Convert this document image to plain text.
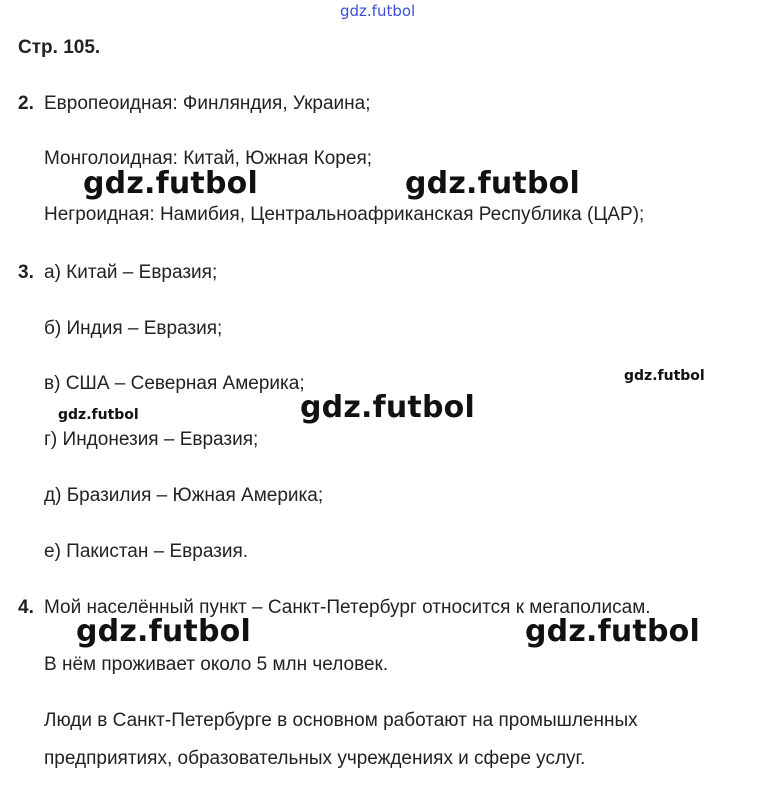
gdz.futbol
Стр. 105.
2. Европеоидная: Финляндия, Украина;
Монголоидная: Китай, Южная Корея;
Негроидная: Намибия, Центральноафриканская Республика (ЦАР);
3. а) Китай – Евразия;
б) Индия – Евразия;
в) США – Северная Америка;
г) Индонезия – Евразия;
д) Бразилия – Южная Америка;
е) Пакистан – Евразия.
4. Мой населённый пункт – Санкт-Петербург относится к мегаполисам.
В нём проживает около 5 млн человек.
Люди в Санкт-Петербурге в основном работают на промышленных
предприятиях, образовательных учреждениях и сфере услуг.
gdz.futbol	gdz.futbol
gdz.futbol
gdz.futbol	gdz.futbol
gdz.futbol	gdz.futbol
